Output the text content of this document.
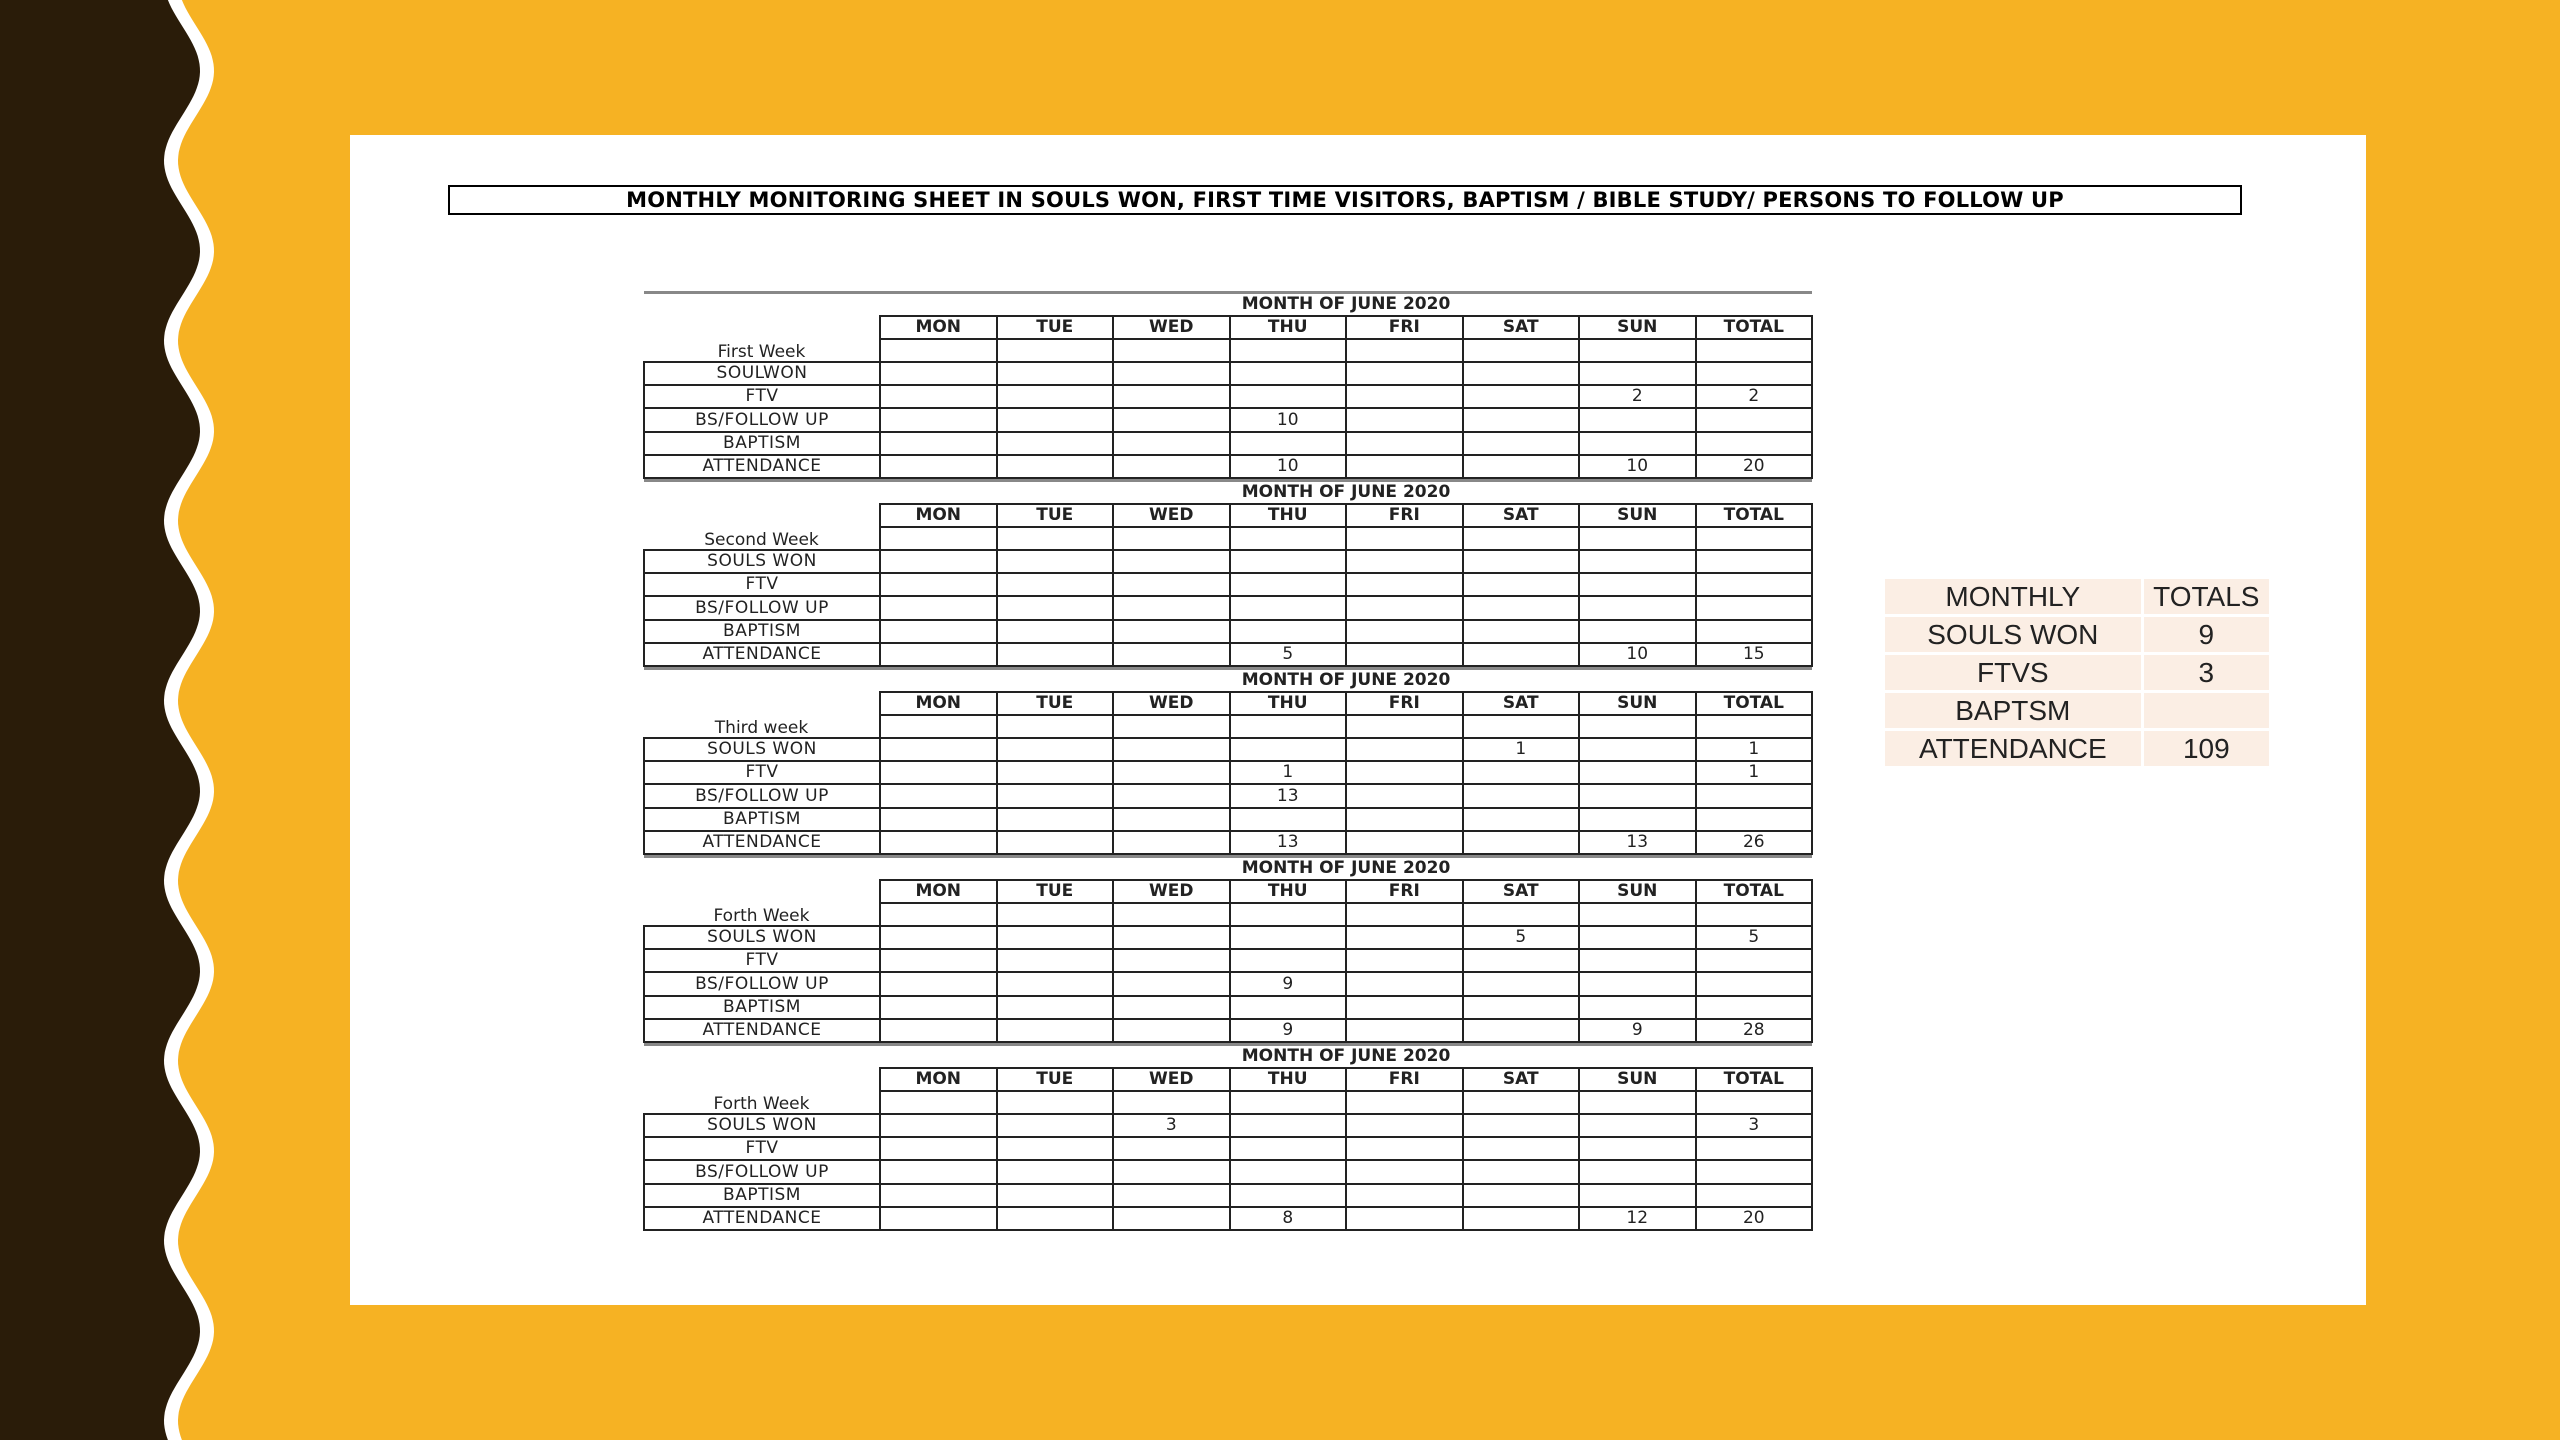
MONTHLY MONITORING SHEET IN SOULS WON, FIRST TIME VISITORS, BAPTISM / BIBLE STUDY/ PERSONS TO FOLLOW UP
	MONTH OF JUNE 2020							
First Week	MON	TUE	WED	THU	FRI	SAT	SUN	TOTAL

SOULWON								
FTV							2	2
BS/FOLLOW UP				10				
BAPTISM								
ATTENDANCE				10			10	20
	MONTH OF JUNE 2020							
Second Week	MON	TUE	WED	THU	FRI	SAT	SUN	TOTAL

SOULS WON								
FTV								
BS/FOLLOW UP								
BAPTISM								
ATTENDANCE				5			10	15
	MONTH OF JUNE 2020							
Third week	MON	TUE	WED	THU	FRI	SAT	SUN	TOTAL

SOULS WON						1		1
FTV				1				1
BS/FOLLOW UP				13				
BAPTISM								
ATTENDANCE				13			13	26
	MONTH OF JUNE 2020							
Forth Week	MON	TUE	WED	THU	FRI	SAT	SUN	TOTAL

SOULS WON						5		5
FTV								
BS/FOLLOW UP				9				
BAPTISM								
ATTENDANCE				9			9	28
	MONTH OF JUNE 2020							
Forth Week	MON	TUE	WED	THU	FRI	SAT	SUN	TOTAL

SOULS WON			3					3
FTV								
BS/FOLLOW UP								
BAPTISM								
ATTENDANCE				8			12	20
MONTHLY	TOTALS
SOULS WON	9
FTVS	3
BAPTSM	
ATTENDANCE	109
